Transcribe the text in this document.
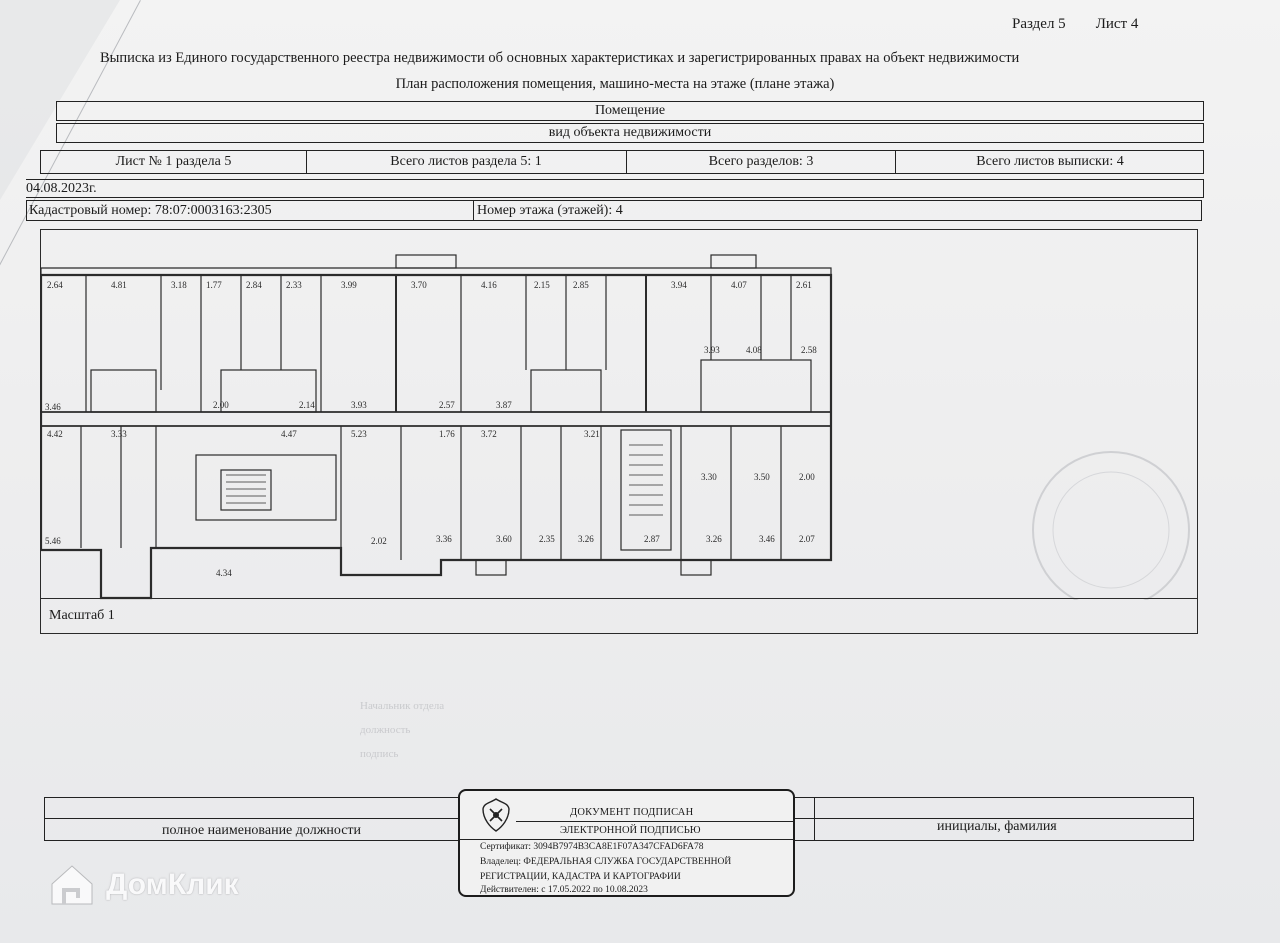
Раздел 5 Лист 4
Выписка из Единого государственного реестра недвижимости об основных характеристиках и зарегистрированных правах на объект недвижимости
План расположения помещения, машино-места на этаже (плане этажа)
Помещение
вид объекта недвижимости
Лист № 1 раздела 5	Всего листов раздела 5: 1	Всего разделов: 3	Всего листов выписки: 4
04.08.2023г.
Кадастровый номер: 78:07:0003163:2305	Номер этажа (этажей): 4
2.64	4.81	3.18 1.77	2.84	2.33	3.99	3.70	4.16	2.15	2.85	3.94	4.07	2.61
3.46	2.00	2.14	3.93	2.57	3.87
3.93	4.08	2.58
4.42	3.33	4.47	5.23	1.76	3.72	3.21
3.30	3.50	2.00
5.46	2.02	3.36	3.60	2.35	3.26	2.87	3.26	3.46	2.07
4.34
Масштаб 1
Начальник отдела
должность
подпись
полное наименование должности	инициалы, фамилия
ДОКУМЕНТ ПОДПИСАН
ЭЛЕКТРОННОЙ ПОДПИСЬЮ
Сертификат: 3094B7974B3CA8E1F07A347CFAD6FA78
Владелец: ФЕДЕРАЛЬНАЯ СЛУЖБА ГОСУДАРСТВЕННОЙ
РЕГИСТРАЦИИ, КАДАСТРА И КАРТОГРАФИИ
Действителен: с 17.05.2022 по 10.08.2023
ДомКлик
